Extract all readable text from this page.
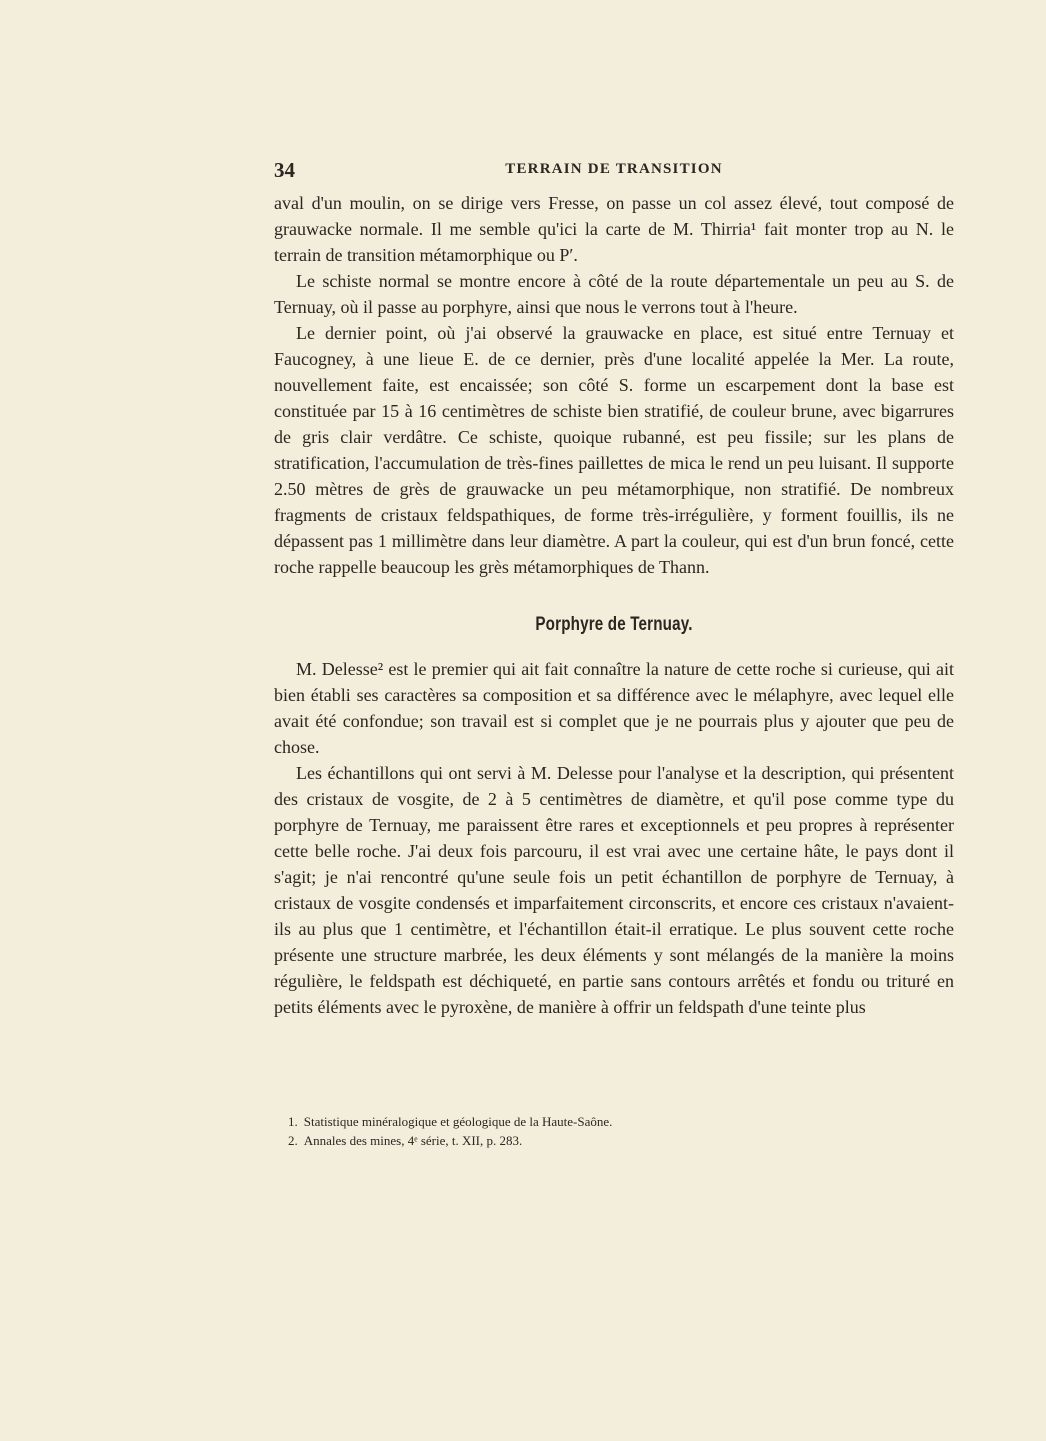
34	TERRAIN DE TRANSITION

aval d'un moulin, on se dirige vers Fresse, on passe un col assez élevé, tout composé de grauwacke normale. Il me semble qu'ici la carte de M. Thirria¹ fait monter trop au N. le terrain de transition métamorphique ou P′.

Le schiste normal se montre encore à côté de la route départementale un peu au S. de Ternuay, où il passe au porphyre, ainsi que nous le verrons tout à l'heure.

Le dernier point, où j'ai observé la grauwacke en place, est situé entre Ternuay et Faucogney, à une lieue E. de ce dernier, près d'une localité appelée la Mer. La route, nouvellement faite, est encaissée; son côté S. forme un escarpement dont la base est constituée par 15 à 16 centimètres de schiste bien stratifié, de couleur brune, avec bigarrures de gris clair verdâtre. Ce schiste, quoique rubanné, est peu fissile; sur les plans de stratification, l'accumulation de très-fines paillettes de mica le rend un peu luisant. Il supporte 2.50 mètres de grès de grauwacke un peu métamorphique, non stratifié. De nombreux fragments de cristaux feldspathiques, de forme très-irrégulière, y forment fouillis, ils ne dépassent pas 1 millimètre dans leur diamètre. A part la couleur, qui est d'un brun foncé, cette roche rappelle beaucoup les grès métamorphiques de Thann.

Porphyre de Ternuay.

M. Delesse² est le premier qui ait fait connaître la nature de cette roche si curieuse, qui ait bien établi ses caractères sa composition et sa différence avec le mélaphyre, avec lequel elle avait été confondue; son travail est si complet que je ne pourrais plus y ajouter que peu de chose.

Les échantillons qui ont servi à M. Delesse pour l'analyse et la description, qui présentent des cristaux de vosgite, de 2 à 5 centimètres de diamètre, et qu'il pose comme type du porphyre de Ternuay, me paraissent être rares et exceptionnels et peu propres à représenter cette belle roche. J'ai deux fois parcouru, il est vrai avec une certaine hâte, le pays dont il s'agit; je n'ai rencontré qu'une seule fois un petit échantillon de porphyre de Ternuay, à cristaux de vosgite condensés et imparfaitement circonscrits, et encore ces cristaux n'avaient-ils au plus que 1 centimètre, et l'échantillon était-il erratique. Le plus souvent cette roche présente une structure marbrée, les deux éléments y sont mélangés de la manière la moins régulière, le feldspath est déchiqueté, en partie sans contours arrêtés et fondu ou trituré en petits éléments avec le pyroxène, de manière à offrir un feldspath d'une teinte plus

1. Statistique minéralogique et géologique de la Haute-Saône.

2. Annales des mines, 4ᵉ série, t. XII, p. 283.
